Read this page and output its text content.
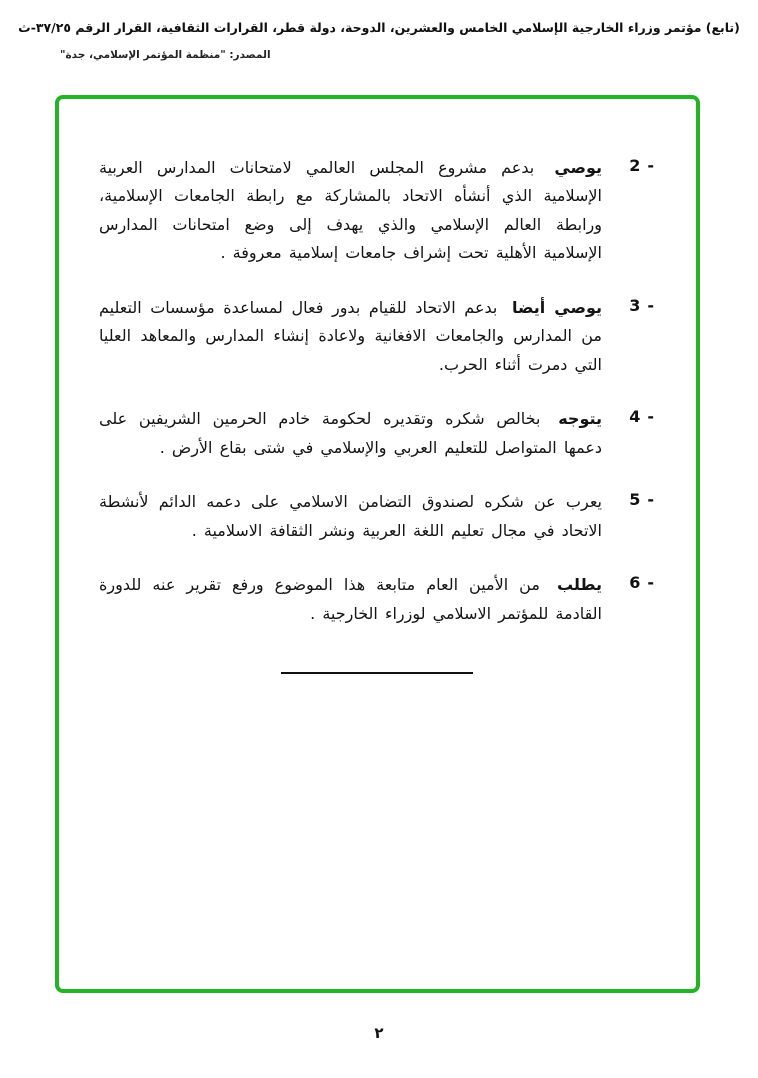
(تابع) مؤتمر وزراء الخارجية الإسلامي الخامس والعشرين، الدوحة، دولة قطر، القرارات الثقافية، القرار الرقم ٣٧/٢٥-ث
المصدر: "منظمة المؤتمر الإسلامي، جدة"
2 -

يوصي بدعم مشروع المجلس العالمي لامتحانات المدارس العربية الإسلامية الذي أنشأه الاتحاد بالمشاركة مع رابطة الجامعات الإسلامية، ورابطة العالم الإسلامي والذي يهدف إلى وضع امتحانات المدارس الإسلامية الأهلية تحت إشراف جامعات إسلامية معروفة .

3 -

يوصي أيضا بدعم الاتحاد للقيام بدور فعال لمساعدة مؤسسات التعليم من المدارس والجامعات الافغانية ولاعادة إنشاء المدارس والمعاهد العليا التي دمرت أثناء الحرب.

4 -

يتوجه بخالص شكره وتقديره لحكومة خادم الحرمين الشريفين على دعمها المتواصل للتعليم العربي والإسلامي في شتى بقاع الأرض .

5 -

يعرب عن شكره لصندوق التضامن الاسلامي على دعمه الدائم لأنشطة الاتحاد في مجال تعليم اللغة العربية ونشر الثقافة الاسلامية .

6 -

يطلب من الأمين العام متابعة هذا الموضوع ورفع تقرير عنه للدورة القادمة للمؤتمر الاسلامي لوزراء الخارجية .

٢
